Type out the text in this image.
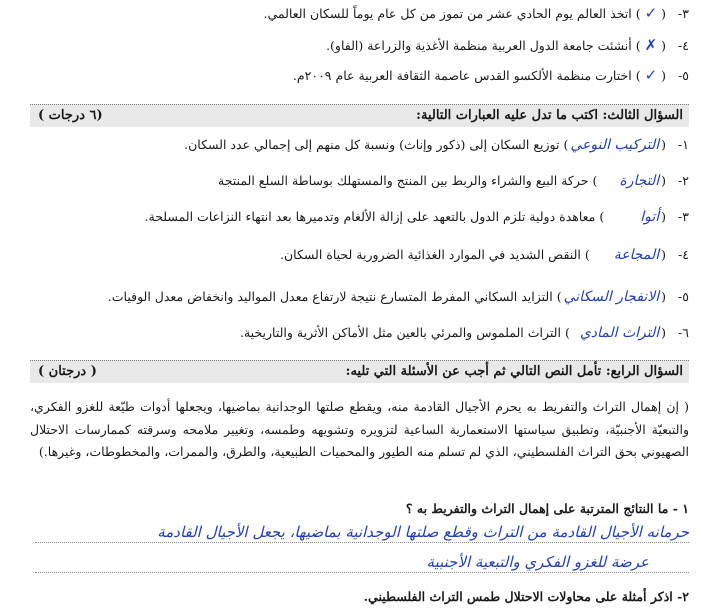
٣- (✓) اتخذ العالم يوم الحادي عشر من تموز من كل عام يوماً للسكان العالمي.
٤- (✗) أنشئت جامعة الدول العربية منظمة الأغذية والزراعة (الفاو).
٥- (✓) اختارت منظمة الألكسو القدس عاصمة الثقافة العربية عام ٢٠٠٩م.
السؤال الثالث: اكتب ما تدل عليه العبارات التالية:
(٦ درجات )
١- (التركيب النوعي) توزيع السكان إلى (ذكور وإناث) ونسبة كل منهم إلى إجمالي عدد السكان.
٢- (التجارة) حركة البيع والشراء والربط بين المنتج والمستهلك بوساطة السلع المنتجة
٣- (أتوا) معاهدة دولية تلزم الدول بالتعهد على إزالة الألغام وتدميرها بعد انتهاء النزاعات المسلحة.
٤- (المجاعة) النقص الشديد في الموارد الغذائية الضرورية لحياة السكان.
٥- (الانفجار السكاني) التزايد السكاني المفرط المتسارع نتيجة لارتفاع معدل المواليد وانخفاض معدل الوفيات.
٦- (التراث المادي) التراث الملموس والمرئي بالعين مثل الأماكن الأثرية والتاريخية.
السؤال الرابع: تأمل النص التالي ثم أجب عن الأسئلة التي تليه:
( درجتان )
( إن إهمال التراث والتفريط به يحرم الأجيال القادمة منه، ويقطع صلتها الوجدانية بماضيها، ويجعلها أدوات طيّعة للغزو الفكري، والتبعيّة الأجنبيّة، وتطبيق سياستها الاستعمارية الساعية لتزويره وتشويهه وطمسه، وتغيير ملامحه وسرقته كممارسات الاحتلال الصهيوني بحق التراث الفلسطيني، الذي لم تسلم منه الطيور والمحميات الطبيعية، والطرق، والممرات، والمخطوطات، وغيرها.)
١ - ما النتائج المترتبة على إهمال التراث والتفريط به ؟
حرمانه الأجيال القادمة من التراث وقطع صلتها الوجدانية بماضيها، يجعل الأجيال القادمة
عرضة للغزو الفكري والتبعية الأجنبية
٢- اذكر أمثلة على محاولات الاحتلال طمس التراث الفلسطيني.
